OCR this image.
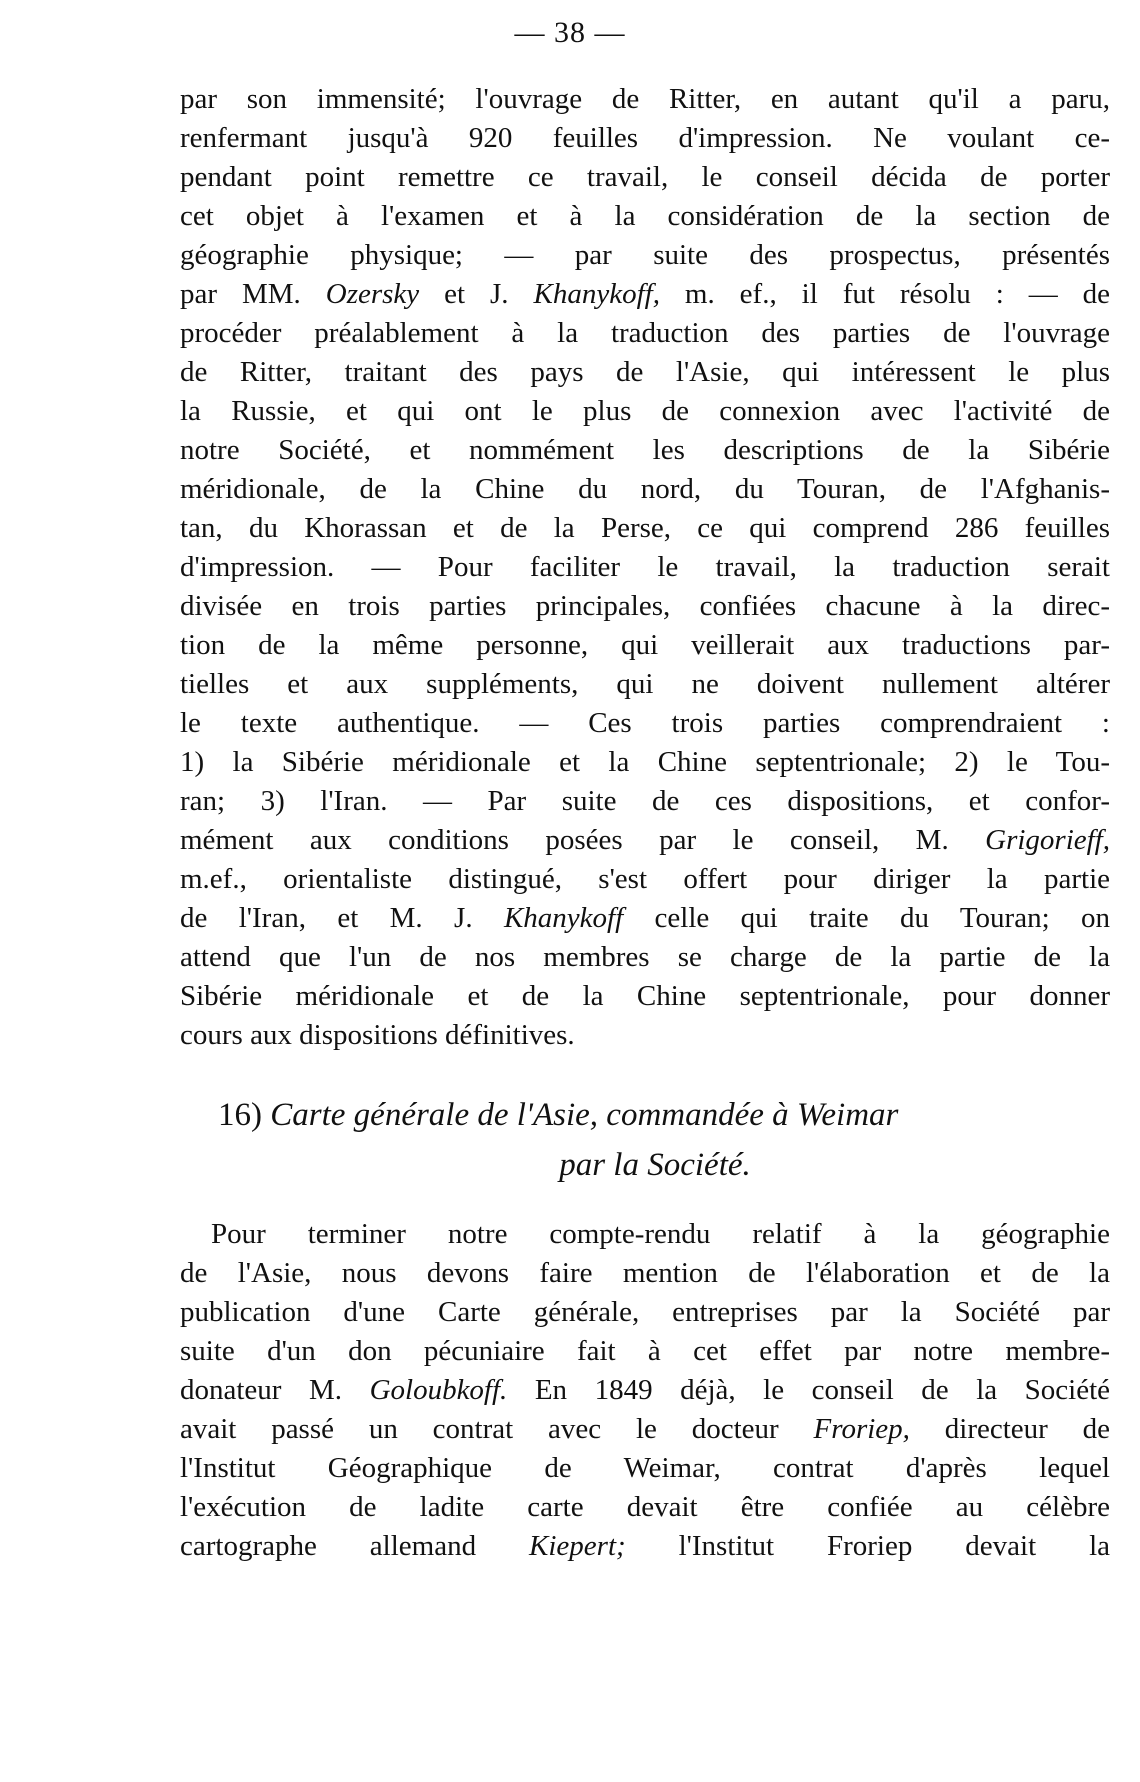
— 38 —
par son immensité; l'ouvrage de Ritter, en autant qu'il a paru,
renfermant jusqu'à 920 feuilles d'impression. Ne voulant ce-
pendant point remettre ce travail, le conseil décida de porter
cet objet à l'examen et à la considération de la section de
géographie physique; — par suite des prospectus, présentés
par MM. Ozersky et J. Khanykoff, m. ef., il fut résolu : — de
procéder préalablement à la traduction des parties de l'ouvrage
de Ritter, traitant des pays de l'Asie, qui intéressent le plus
la Russie, et qui ont le plus de connexion avec l'activité de
notre Société, et nommément les descriptions de la Sibérie
méridionale, de la Chine du nord, du Touran, de l'Afghanis-
tan, du Khorassan et de la Perse, ce qui comprend 286 feuilles
d'impression. — Pour faciliter le travail, la traduction serait
divisée en trois parties principales, confiées chacune à la direc-
tion de la même personne, qui veillerait aux traductions par-
tielles et aux suppléments, qui ne doivent nullement altérer
le texte authentique. — Ces trois parties comprendraient :
1) la Sibérie méridionale et la Chine septentrionale; 2) le Tou-
ran; 3) l'Iran. — Par suite de ces dispositions, et confor-
mément aux conditions posées par le conseil, M. Grigorieff,
m.ef., orientaliste distingué, s'est offert pour diriger la partie
de l'Iran, et M. J. Khanykoff celle qui traite du Touran; on
attend que l'un de nos membres se charge de la partie de la
Sibérie méridionale et de la Chine septentrionale, pour donner
cours aux dispositions définitives.
16) Carte générale de l'Asie, commandée à Weimar
par la Société.
Pour terminer notre compte-rendu relatif à la géographie
de l'Asie, nous devons faire mention de l'élaboration et de la
publication d'une Carte générale, entreprises par la Société par
suite d'un don pécuniaire fait à cet effet par notre membre-
donateur M. Goloubkoff. En 1849 déjà, le conseil de la Société
avait passé un contrat avec le docteur Froriep, directeur de
l'Institut Géographique de Weimar, contrat d'après lequel
l'exécution de ladite carte devait être confiée au célèbre
cartographe allemand Kiepert; l'Institut Froriep devait la
